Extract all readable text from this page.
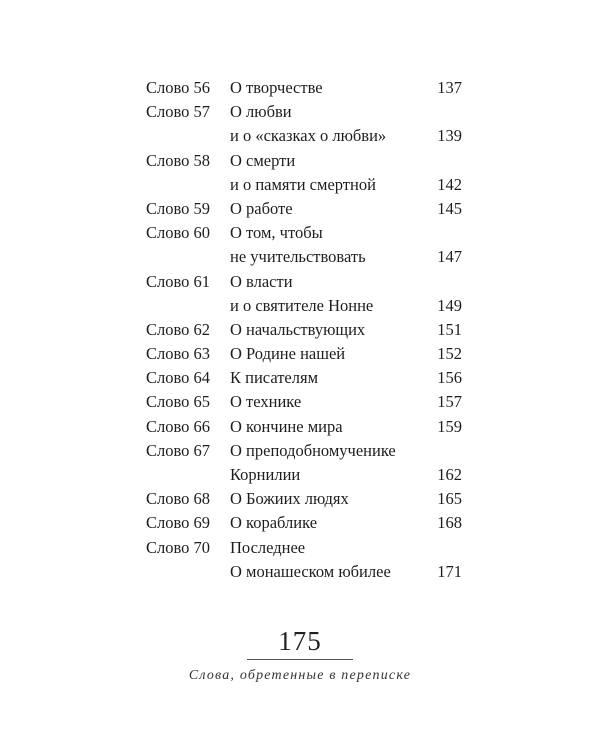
Слово 56	О творчестве	137
Слово 57	О любви
и о «сказках о любви»	139
Слово 58	О смерти
и о памяти смертной	142
Слово 59	О работе	145
Слово 60	О том, чтобы
не учительствовать	147
Слово 61	О власти
и о святителе Нонне	149
Слово 62	О начальствующих	151
Слово 63	О Родине нашей	152
Слово 64	К писателям	156
Слово 65	О технике	157
Слово 66	О кончине мира	159
Слово 67	О преподобномученике
Корнилии	162
Слово 68	О Божиих людях	165
Слово 69	О кораблике	168
Слово 70	Последнее
О монашеском юбилее	171
175
Слова, обретенные в переписке
